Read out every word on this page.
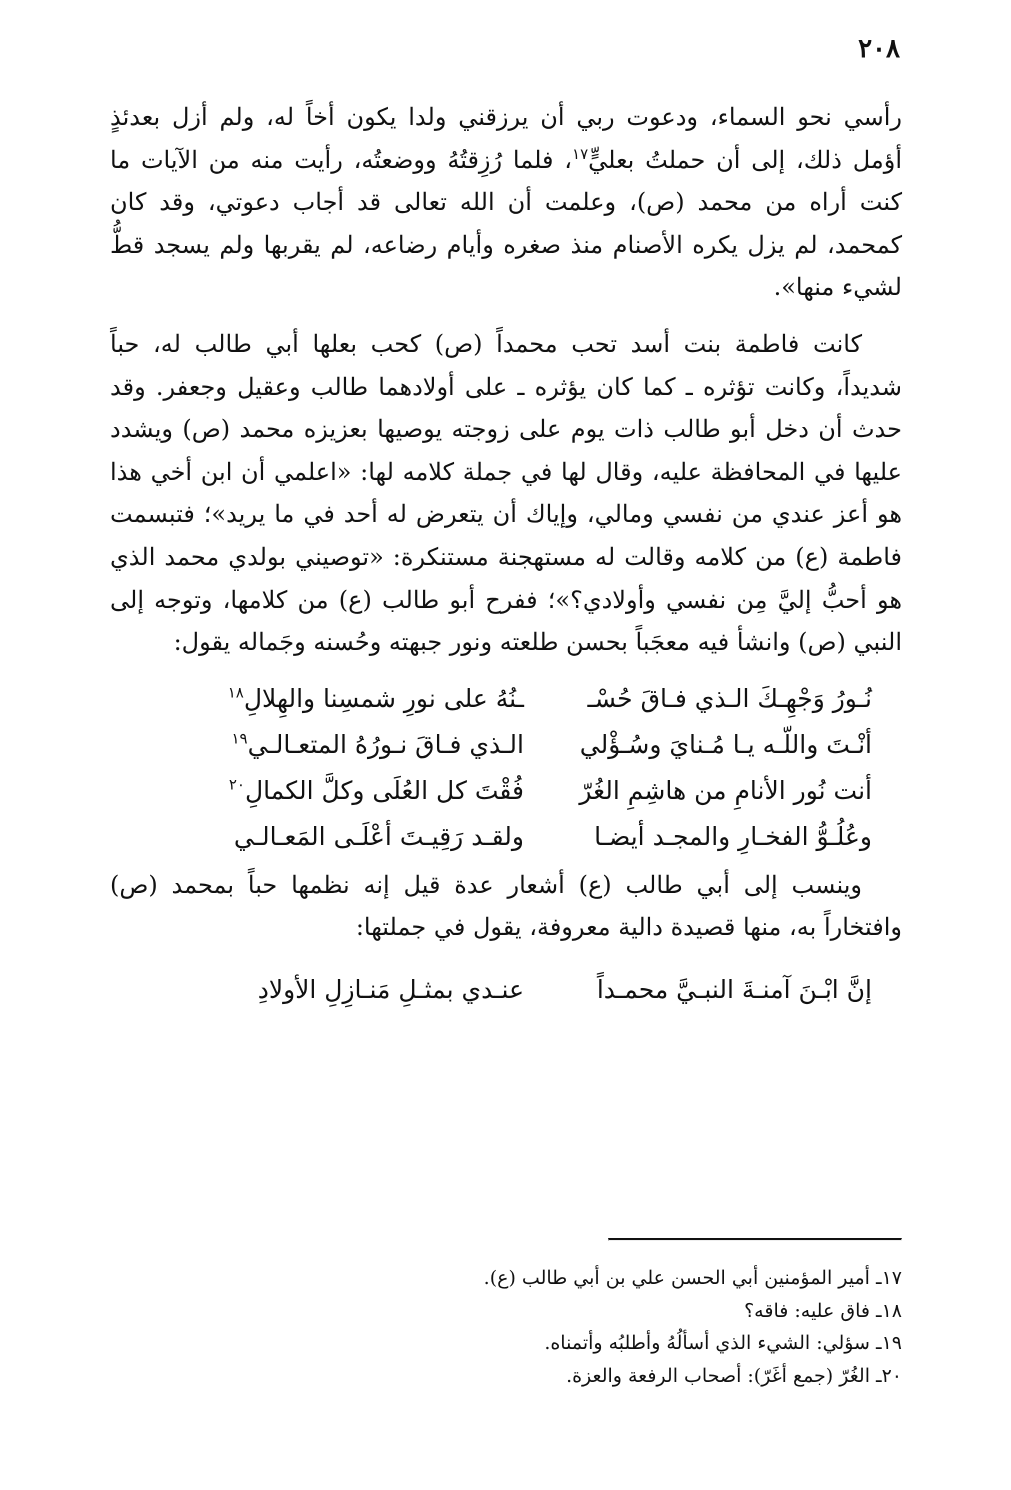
٢٠٨

رأسي نحو السماء، ودعوت ربي أن يرزقني ولدا يكون أخاً له، ولم أزل بعدئذٍ أؤمل ذلك، إلى أن حملتُ بعليٍّ$^{١٧}$، فلما رُزِقتُهُ ووضعتُه، رأيت منه من الآيات ما كنت أراه من محمد (ص)، وعلمت أن الله تعالى قد أجاب دعوتي، وقد كان كمحمد، لم يزل يكره الأصنام منذ صغره وأيام رضاعه، لم يقربها ولم يسجد قطُّ لشيء منها».

كانت فاطمة بنت أسد تحب محمداً (ص) كحب بعلها أبي طالب له، حباً شديداً، وكانت تؤثره ـ كما كان يؤثره ـ على أولادهما طالب وعقيل وجعفر. وقد حدث أن دخل أبو طالب ذات يوم على زوجته يوصيها بعزيزه محمد (ص) ويشدد عليها في المحافظة عليه، وقال لها في جملة كلامه لها: «اعلمي أن ابن أخي هذا هو أعز عندي من نفسي ومالي، وإياك أن يتعرض له أحد في ما يريد»؛ فتبسمت فاطمة (ع) من كلامه وقالت له مستهجنة مستنكرة: «توصيني بولدي محمد الذي هو أحبُّ إليَّ مِن نفسي وأولادي؟»؛ ففرح أبو طالب (ع) من كلامها، وتوجه إلى النبي (ص) وانشأ فيه معجَباً بحسن طلعته ونور جبهته وحُسنه وجَماله يقول:

نُـورُ وَجْهِـكَ الـذي فـاقَ حُسْـ
ـنُهُ على نورِ شمسِنا والهِلالِ$^{١٨}$
أنْـتَ واللّـه يـا مُـنايَ وسُـؤْلي
الـذي فـاقَ نـورُهُ المتعـالـي$^{١٩}$
أنت نُور الأنامِ من هاشِمِ الغُرّ
فُقْتَ كل العُلَى وكلَّ الكمالِ$^{٢٠}$
وعُلُـوُّ الفخـارِ والمجـد أيضـا
ولقـد رَقِيـتَ أعْلَـى المَعـالـي

وينسب إلى أبي طالب (ع) أشعار عدة قيل إنه نظمها حباً بمحمد (ص) وافتخاراً به، منها قصيدة دالية معروفة، يقول في جملتها:

إنَّ ابْـنَ آمنـةَ النبـيَّ محمـداً
عنـدي بمثـلِ مَنـازِلِ الأولادِ
١٧ـ أمير المؤمنين أبي الحسن علي بن أبي طالب (ع).
١٨ـ فاق عليه: فاقه؟
١٩ـ سؤلي: الشيء الذي أسألُهُ وأطلبُه وأتمناه.
٢٠ـ الغُرّ (جمع أغَرّ): أصحاب الرفعة والعزة.
